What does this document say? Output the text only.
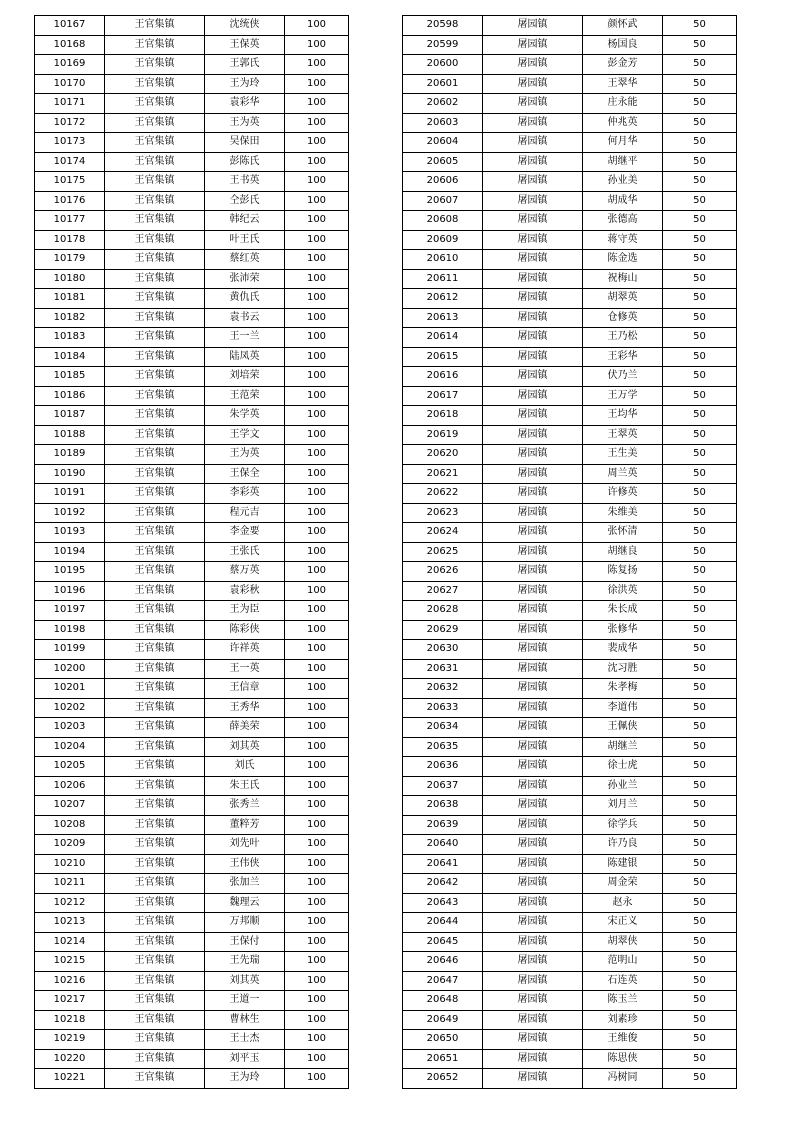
10167	王官集镇	沈统侠	100
10168	王官集镇	王保英	100
10169	王官集镇	王郭氏	100
10170	王官集镇	王为玲	100
10171	王官集镇	袁彩华	100
10172	王官集镇	王为英	100
10173	王官集镇	吴保田	100
10174	王官集镇	彭陈氏	100
10175	王官集镇	王书英	100
10176	王官集镇	仝彭氏	100
10177	王官集镇	韩纪云	100
10178	王官集镇	叶王氏	100
10179	王官集镇	蔡红英	100
10180	王官集镇	张沛荣	100
10181	王官集镇	黄仇氏	100
10182	王官集镇	袁书云	100
10183	王官集镇	王一兰	100
10184	王官集镇	陆凤英	100
10185	王官集镇	刘培荣	100
10186	王官集镇	王范荣	100
10187	王官集镇	朱学英	100
10188	王官集镇	王学文	100
10189	王官集镇	王为英	100
10190	王官集镇	王保全	100
10191	王官集镇	李彩英	100
10192	王官集镇	程元吉	100
10193	王官集镇	李金要	100
10194	王官集镇	王张氏	100
10195	王官集镇	蔡万英	100
10196	王官集镇	袁彩秋	100
10197	王官集镇	王为臣	100
10198	王官集镇	陈彩侠	100
10199	王官集镇	许祥英	100
10200	王官集镇	王一英	100
10201	王官集镇	王信章	100
10202	王官集镇	王秀华	100
10203	王官集镇	薛美荣	100
10204	王官集镇	刘其英	100
10205	王官集镇	刘氏	100
10206	王官集镇	朱王氏	100
10207	王官集镇	张秀兰	100
10208	王官集镇	董粹芳	100
10209	王官集镇	刘先叶	100
10210	王官集镇	王伟侠	100
10211	王官集镇	张加兰	100
10212	王官集镇	魏理云	100
10213	王官集镇	万邦顺	100
10214	王官集镇	王保付	100
10215	王官集镇	王先瑞	100
10216	王官集镇	刘其英	100
10217	王官集镇	王道一	100
10218	王官集镇	曹林生	100
10219	王官集镇	王士杰	100
10220	王官集镇	刘平玉	100
10221	王官集镇	王为玲	100
20598	屠园镇	颜怀武	50
20599	屠园镇	杨国良	50
20600	屠园镇	彭金芳	50
20601	屠园镇	王翠华	50
20602	屠园镇	庄永能	50
20603	屠园镇	仲兆英	50
20604	屠园镇	何月华	50
20605	屠园镇	胡继平	50
20606	屠园镇	孙业美	50
20607	屠园镇	胡成华	50
20608	屠园镇	张德高	50
20609	屠园镇	蒋守英	50
20610	屠园镇	陈金选	50
20611	屠园镇	祝梅山	50
20612	屠园镇	胡翠英	50
20613	屠园镇	仓修英	50
20614	屠园镇	王乃松	50
20615	屠园镇	王彩华	50
20616	屠园镇	伏乃兰	50
20617	屠园镇	王万学	50
20618	屠园镇	王均华	50
20619	屠园镇	王翠英	50
20620	屠园镇	王生美	50
20621	屠园镇	周兰英	50
20622	屠园镇	许修英	50
20623	屠园镇	朱维美	50
20624	屠园镇	张怀清	50
20625	屠园镇	胡继良	50
20626	屠园镇	陈复扬	50
20627	屠园镇	徐洪英	50
20628	屠园镇	朱长成	50
20629	屠园镇	张修华	50
20630	屠园镇	裴成华	50
20631	屠园镇	沈习胜	50
20632	屠园镇	朱孝梅	50
20633	屠园镇	李道伟	50
20634	屠园镇	王佩侠	50
20635	屠园镇	胡继兰	50
20636	屠园镇	徐士虎	50
20637	屠园镇	孙业兰	50
20638	屠园镇	刘月兰	50
20639	屠园镇	徐学兵	50
20640	屠园镇	许乃良	50
20641	屠园镇	陈建银	50
20642	屠园镇	周金荣	50
20643	屠园镇	赵永	50
20644	屠园镇	宋正义	50
20645	屠园镇	胡翠侠	50
20646	屠园镇	范明山	50
20647	屠园镇	石连英	50
20648	屠园镇	陈玉兰	50
20649	屠园镇	刘素珍	50
20650	屠园镇	王维俊	50
20651	屠园镇	陈思侠	50
20652	屠园镇	冯树同	50
